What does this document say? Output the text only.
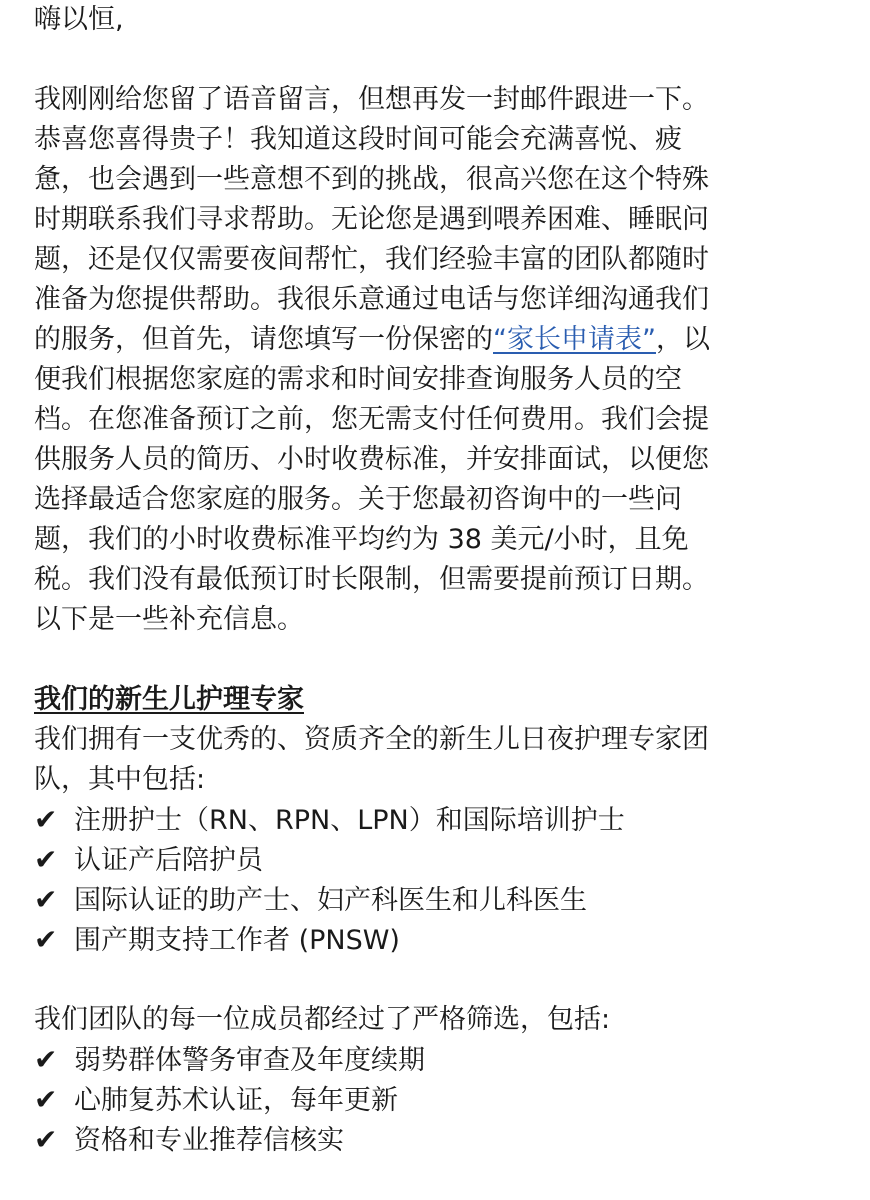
嗨以恒,
我刚刚给您留了语音留言，但想再发一封邮件跟进一下。
恭喜您喜得贵子！我知道这段时间可能会充满喜悦、疲
惫，也会遇到一些意想不到的挑战，很高兴您在这个特殊
时期联系我们寻求帮助。无论您是遇到喂养困难、睡眠问
题，还是仅仅需要夜间帮忙，我们经验丰富的团队都随时
准备为您提供帮助。我很乐意通过电话与您详细沟通我们
的服务，但首先，请您填写一份保密的“家长申请表”，以
便我们根据您家庭的需求和时间安排查询服务人员的空
档。在您准备预订之前，您无需支付任何费用。我们会提
供服务人员的简历、小时收费标准，并安排面试，以便您
选择最适合您家庭的服务。关于您最初咨询中的一些问
题，我们的小时收费标准平均约为 38 美元/小时，且免
税。我们没有最低预订时长限制，但需要提前预订日期。
以下是一些补充信息。
我们的新生儿护理专家
我们拥有一支优秀的、资质齐全的新生儿日夜护理专家团
队，其中包括:
✔ 注册护士（RN、RPN、LPN）和国际培训护士
✔ 认证产后陪护员
✔ 国际认证的助产士、妇产科医生和儿科医生
✔ 围产期支持工作者 (PNSW)
我们团队的每一位成员都经过了严格筛选，包括:
✔ 弱势群体警务审查及年度续期
✔ 心肺复苏术认证，每年更新
✔ 资格和专业推荐信核实
